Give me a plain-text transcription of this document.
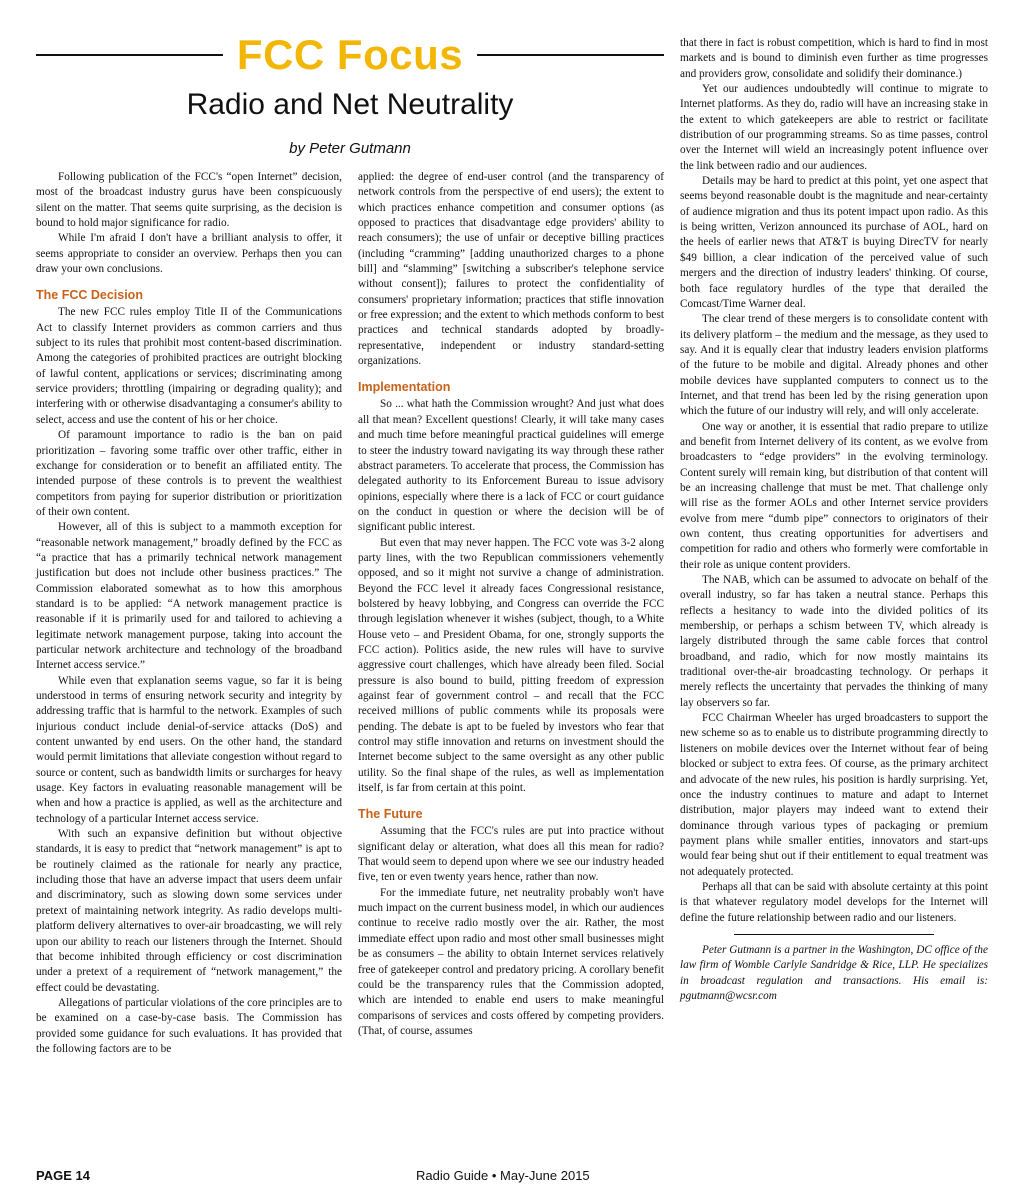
FCC Focus
Radio and Net Neutrality
by Peter Gutmann

Following publication of the FCC's “open Internet” decision, most of the broadcast industry gurus have been conspicuously silent on the matter. That seems quite surprising, as the decision is bound to hold major significance for radio.

While I'm afraid I don't have a brilliant analysis to offer, it seems appropriate to consider an overview. Perhaps then you can draw your own conclusions.

The FCC Decision

The new FCC rules employ Title II of the Communications Act to classify Internet providers as common carriers and thus subject to its rules that prohibit most content-based discrimination. Among the categories of prohibited practices are outright blocking of lawful content, applications or services; discriminating among service providers; throttling (impairing or degrading quality); and interfering with or otherwise disadvantaging a consumer's ability to select, access and use the content of his or her choice.

Of paramount importance to radio is the ban on paid prioritization – favoring some traffic over other traffic, either in exchange for consideration or to benefit an affiliated entity. The intended purpose of these controls is to prevent the wealthiest competitors from paying for superior distribution or prioritization of their own content.

However, all of this is subject to a mammoth exception for “reasonable network management,” broadly defined by the FCC as “a practice that has a primarily technical network management justification but does not include other business practices.” The Commission elaborated somewhat as to how this amorphous standard is to be applied: “A network management practice is reasonable if it is primarily used for and tailored to achieving a legitimate network management purpose, taking into account the particular network architecture and technology of the broadband Internet access service.”

While even that explanation seems vague, so far it is being understood in terms of ensuring network security and integrity by addressing traffic that is harmful to the network. Examples of such injurious conduct include denial-of-service attacks (DoS) and content unwanted by end users. On the other hand, the standard would permit limitations that alleviate congestion without regard to source or content, such as bandwidth limits or surcharges for heavy usage. Key factors in evaluating reasonable management will be when and how a practice is applied, as well as the architecture and technology of a particular Internet access service.

With such an expansive definition but without objective standards, it is easy to predict that “network management” is apt to be routinely claimed as the rationale for nearly any practice, including those that have an adverse impact that users deem unfair and discriminatory, such as slowing down some services under pretext of maintaining network integrity. As radio develops multi-platform delivery alternatives to over-air broadcasting, we will rely upon our ability to reach our listeners through the Internet. Should that become inhibited through efficiency or cost discrimination under a pretext of a requirement of “network management,” the effect could be devastating.

Allegations of particular violations of the core principles are to be examined on a case-by-case basis. The Commission has provided some guidance for such evaluations. It has provided that the following factors are to be

applied: the degree of end-user control (and the transparency of network controls from the perspective of end users); the extent to which practices enhance competition and consumer options (as opposed to practices that disadvantage edge providers' ability to reach consumers); the use of unfair or deceptive billing practices (including “cramming” [adding unauthorized charges to a phone bill] and “slamming” [switching a subscriber's telephone service without consent]); failures to protect the confidentiality of consumers' proprietary information; practices that stifle innovation or free expression; and the extent to which methods conform to best practices and technical standards adopted by broadly-representative, independent or industry standard-setting organizations.

Implementation

So ... what hath the Commission wrought? And just what does all that mean? Excellent questions! Clearly, it will take many cases and much time before meaningful practical guidelines will emerge to steer the industry toward navigating its way through these rather abstract parameters. To accelerate that process, the Commission has delegated authority to its Enforcement Bureau to issue advisory opinions, especially where there is a lack of FCC or court guidance on the conduct in question or where the decision will be of significant public interest.

But even that may never happen. The FCC vote was 3-2 along party lines, with the two Republican commissioners vehemently opposed, and so it might not survive a change of administration. Beyond the FCC level it already faces Congressional resistance, bolstered by heavy lobbying, and Congress can override the FCC through legislation whenever it wishes (subject, though, to a White House veto – and President Obama, for one, strongly supports the FCC action). Politics aside, the new rules will have to survive aggressive court challenges, which have already been filed. Social pressure is also bound to build, pitting freedom of expression against fear of government control – and recall that the FCC received millions of public comments while its proposals were pending. The debate is apt to be fueled by investors who fear that control may stifle innovation and returns on investment should the Internet become subject to the same oversight as any other public utility. So the final shape of the rules, as well as implementation itself, is far from certain at this point.

The Future

Assuming that the FCC's rules are put into practice without significant delay or alteration, what does all this mean for radio? That would seem to depend upon where we see our industry headed five, ten or even twenty years hence, rather than now.

For the immediate future, net neutrality probably won't have much impact on the current business model, in which our audiences continue to receive radio mostly over the air. Rather, the most immediate effect upon radio and most other small businesses might be as consumers – the ability to obtain Internet services relatively free of gatekeeper control and predatory pricing. A corollary benefit could be the transparency rules that the Commission adopted, which are intended to enable end users to make meaningful comparisons of services and costs offered by competing providers. (That, of course, assumes

that there in fact is robust competition, which is hard to find in most markets and is bound to diminish even further as time progresses and providers grow, consolidate and solidify their dominance.)

Yet our audiences undoubtedly will continue to migrate to Internet platforms. As they do, radio will have an increasing stake in the extent to which gatekeepers are able to restrict or facilitate distribution of our programming streams. So as time passes, control over the Internet will wield an increasingly potent influence over the link between radio and our audiences.

Details may be hard to predict at this point, yet one aspect that seems beyond reasonable doubt is the magnitude and near-certainty of audience migration and thus its potent impact upon radio. As this is being written, Verizon announced its purchase of AOL, hard on the heels of earlier news that AT&T is buying DirecTV for nearly $49 billion, a clear indication of the perceived value of such mergers and the direction of industry leaders' thinking. Of course, both face regulatory hurdles of the type that derailed the Comcast/Time Warner deal.

The clear trend of these mergers is to consolidate content with its delivery platform – the medium and the message, as they used to say. And it is equally clear that industry leaders envision platforms of the future to be mobile and digital. Already phones and other mobile devices have supplanted computers to connect us to the Internet, and that trend has been led by the rising generation upon which the future of our industry will rely, and will only accelerate.

One way or another, it is essential that radio prepare to utilize and benefit from Internet delivery of its content, as we evolve from broadcasters to “edge providers” in the evolving terminology. Content surely will remain king, but distribution of that content will be an increasing challenge that must be met. That challenge only will rise as the former AOLs and other Internet service providers evolve from mere “dumb pipe” connectors to originators of their own content, thus creating opportunities for advertisers and competition for radio and others who formerly were comfortable in their role as unique content providers.

The NAB, which can be assumed to advocate on behalf of the overall industry, so far has taken a neutral stance. Perhaps this reflects a hesitancy to wade into the divided politics of its membership, or perhaps a schism between TV, which already is largely distributed through the same cable forces that control broadband, and radio, which for now mostly maintains its traditional over-the-air broadcasting technology. Or perhaps it merely reflects the uncertainty that pervades the thinking of many lay observers so far.

FCC Chairman Wheeler has urged broadcasters to support the new scheme so as to enable us to distribute programming directly to listeners on mobile devices over the Internet without fear of being blocked or subject to extra fees. Of course, as the primary architect and advocate of the new rules, his position is hardly surprising. Yet, once the industry continues to mature and adapt to Internet distribution, major players may indeed want to extend their dominance through various types of packaging or premium payment plans while smaller entities, innovators and start-ups would fear being shut out if their entitlement to equal treatment was not adequately protected.

Perhaps all that can be said with absolute certainty at this point is that whatever regulatory model develops for the Internet will define the future relationship between radio and our listeners.

Peter Gutmann is a partner in the Washington, DC office of the law firm of Womble Carlyle Sandridge & Rice, LLP. He specializes in broadcast regulation and transactions. His email is: pgutmann@wcsr.com

PAGE 14	Radio Guide • May-June 2015
